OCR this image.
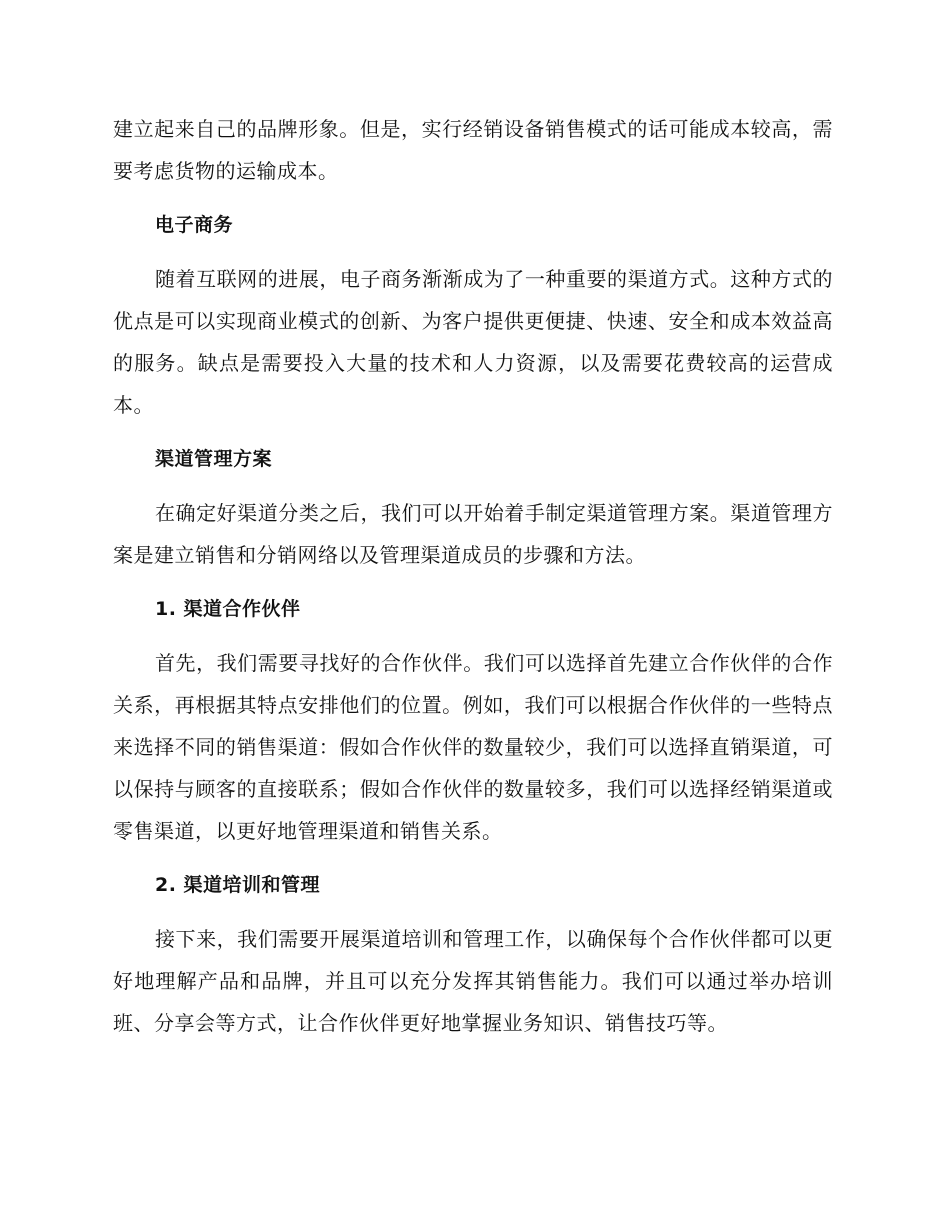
建立起来自己的品牌形象。但是，实行经销设备销售模式的话可能成本较高，需要考虑货物的运输成本。

电子商务

随着互联网的进展，电子商务渐渐成为了一种重要的渠道方式。这种方式的优点是可以实现商业模式的创新、为客户提供更便捷、快速、安全和成本效益高的服务。缺点是需要投入大量的技术和人力资源，以及需要花费较高的运营成本。

渠道管理方案

在确定好渠道分类之后，我们可以开始着手制定渠道管理方案。渠道管理方案是建立销售和分销网络以及管理渠道成员的步骤和方法。

1. 渠道合作伙伴

首先，我们需要寻找好的合作伙伴。我们可以选择首先建立合作伙伴的合作关系，再根据其特点安排他们的位置。例如，我们可以根据合作伙伴的一些特点来选择不同的销售渠道：假如合作伙伴的数量较少，我们可以选择直销渠道，可以保持与顾客的直接联系；假如合作伙伴的数量较多，我们可以选择经销渠道或零售渠道，以更好地管理渠道和销售关系。

2. 渠道培训和管理

接下来，我们需要开展渠道培训和管理工作，以确保每个合作伙伴都可以更好地理解产品和品牌，并且可以充分发挥其销售能力。我们可以通过举办培训班、分享会等方式，让合作伙伴更好地掌握业务知识、销售技巧等。
